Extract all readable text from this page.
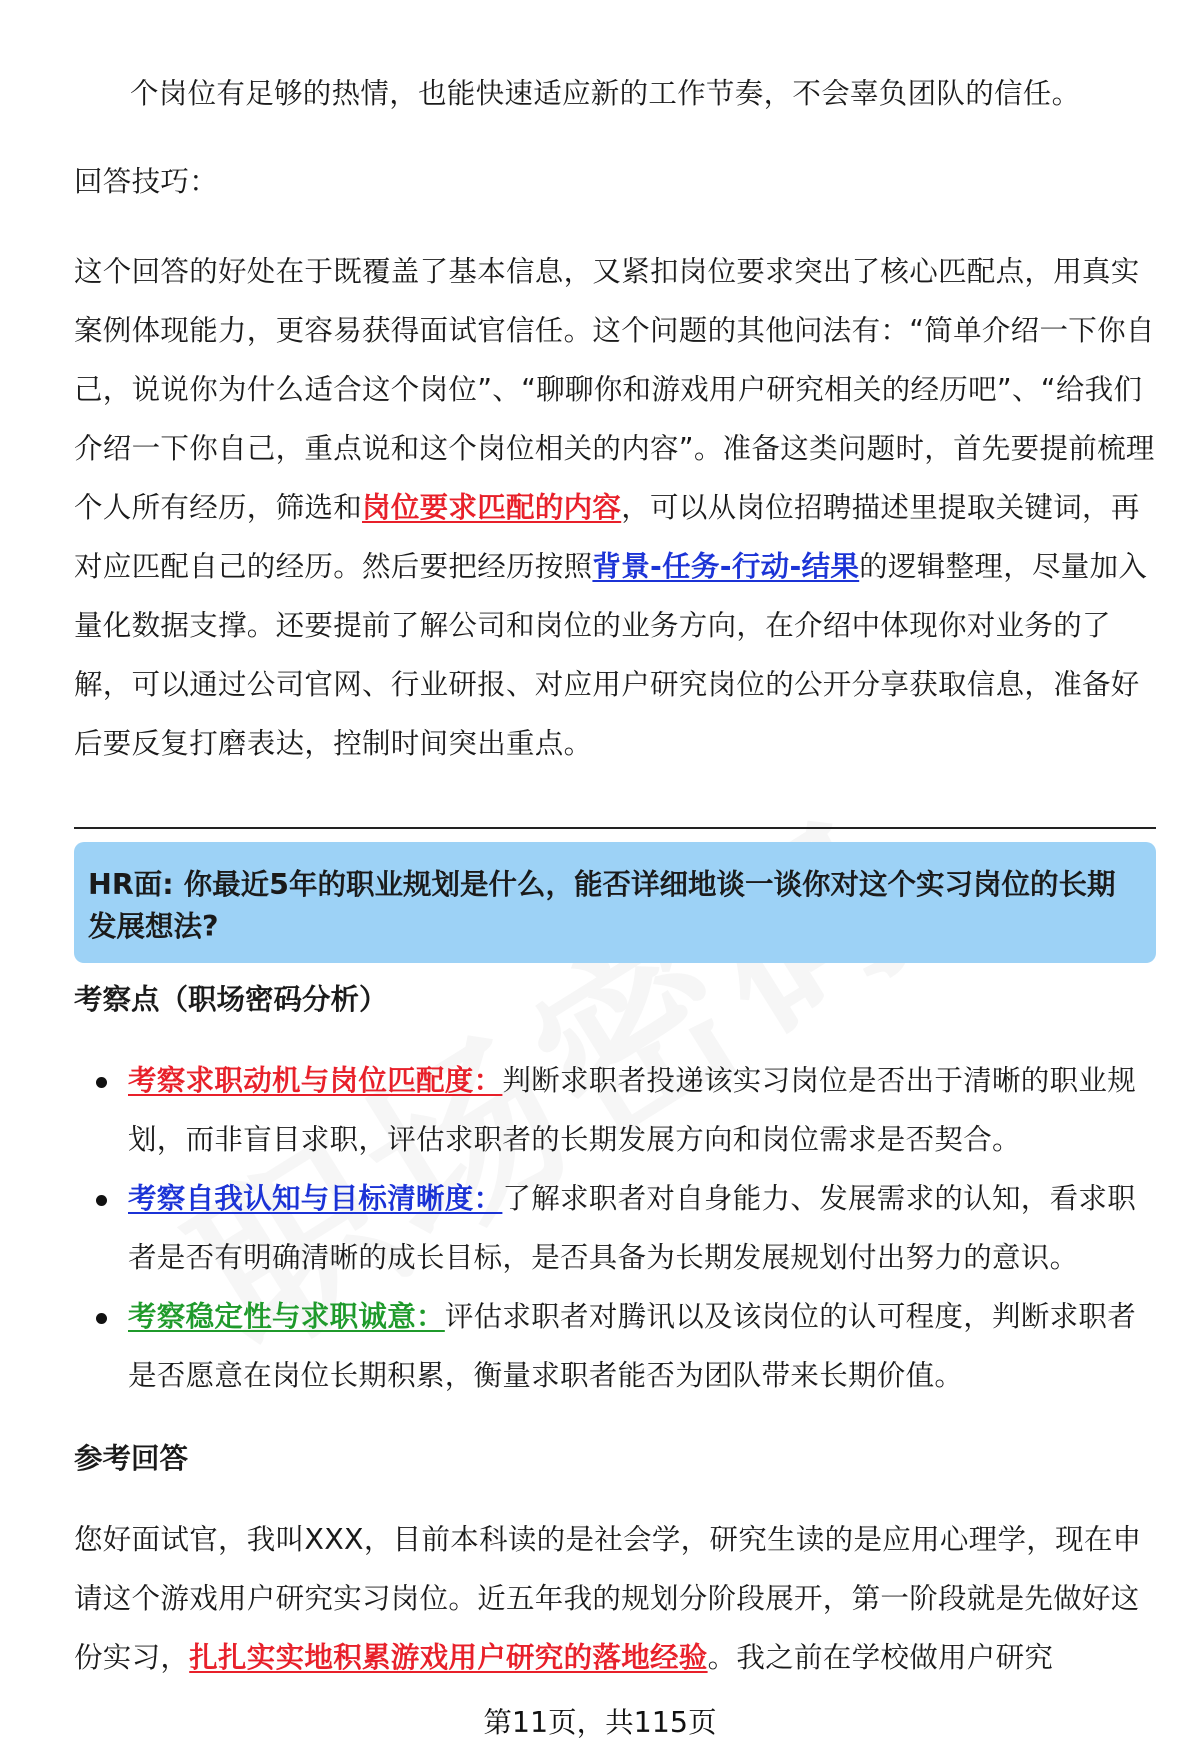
个岗位有足够的热情，也能快速适应新的工作节奏，不会辜负团队的信任。
回答技巧：
这个回答的好处在于既覆盖了基本信息，又紧扣岗位要求突出了核心匹配点，用真实案例体现能力，更容易获得面试官信任。这个问题的其他问法有：“简单介绍一下你自己，说说你为什么适合这个岗位”、“聊聊你和游戏用户研究相关的经历吧”、“给我们介绍一下你自己，重点说和这个岗位相关的内容”。准备这类问题时，首先要提前梳理个人所有经历，筛选和岗位要求匹配的内容，可以从岗位招聘描述里提取关键词，再对应匹配自己的经历。然后要把经历按照背景-任务-行动-结果的逻辑整理，尽量加入量化数据支撑。还要提前了解公司和岗位的业务方向，在介绍中体现你对业务的了解，可以通过公司官网、行业研报、对应用户研究岗位的公开分享获取信息，准备好后要反复打磨表达，控制时间突出重点。
HR面: 你最近5年的职业规划是什么，能否详细地谈一谈你对这个实习岗位的长期发展想法?
考察点（职场密码分析）
考察求职动机与岗位匹配度：判断求职者投递该实习岗位是否出于清晰的职业规划，而非盲目求职，评估求职者的长期发展方向和岗位需求是否契合。
考察自我认知与目标清晰度：了解求职者对自身能力、发展需求的认知，看求职者是否有明确清晰的成长目标，是否具备为长期发展规划付出努力的意识。
考察稳定性与求职诚意：评估求职者对腾讯以及该岗位的认可程度，判断求职者是否愿意在岗位长期积累，衡量求职者能否为团队带来长期价值。
参考回答
您好面试官，我叫XXX，目前本科读的是社会学，研究生读的是应用心理学，现在申请这个游戏用户研究实习岗位。近五年我的规划分阶段展开，第一阶段就是先做好这份实习，扎扎实实地积累游戏用户研究的落地经验。我之前在学校做用户研究
第11页，共115页
